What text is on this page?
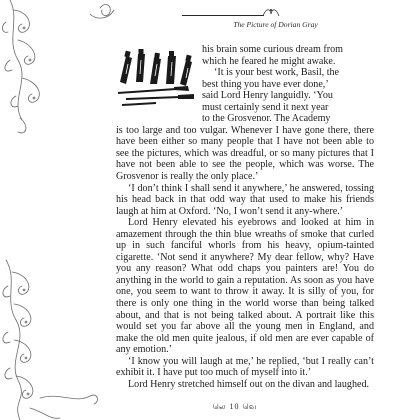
The Picture of Dorian Gray

his brain some curious dream from
which he feared he might awake.
‘It is your best work, Basil, the
best thing you have ever done,’
said Lord Henry languidly. ‘You
must certainly send it next year
to the Grosvenor. The Academy
is too large and too vulgar. Whenever I have gone there, there have been either so many people that I have not been able to see the pictures, which was dreadful, or so many pictures that I have not been able to see the people, which was worse. The Grosvenor is really the only place.’

‘I don’t think I shall send it anywhere,’ he answered, tossing his head back in that odd way that used to make his friends laugh at him at Oxford. ‘No, I won’t send it any-where.’

Lord Henry elevated his eyebrows and looked at him in amazement through the thin blue wreaths of smoke that curled up in such fanciful whorls from his heavy, opium-tainted cigarette. ‘Not send it anywhere? My dear fellow, why? Have you any reason? What odd chaps you painters are! You do anything in the world to gain a reputation. As soon as you have one, you seem to want to throw it away. It is silly of you, for there is only one thing in the world worse than being talked about, and that is not being talked about. A portrait like this would set you far above all the young men in England, and make the old men quite jealous, if old men are ever capable of any emotion.’

‘I know you will laugh at me,’ he replied, ‘but I really can’t exhibit it. I have put too much of myself into it.’

Lord Henry stretched himself out on the divan and laughed.

லெ 10 வெ
